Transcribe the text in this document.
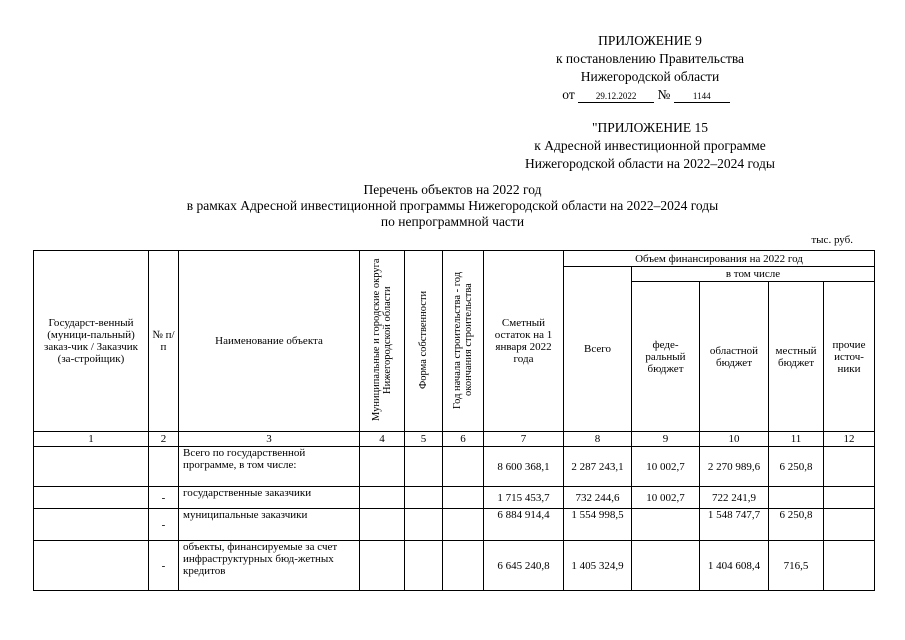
ПРИЛОЖЕНИЕ 9
к постановлению Правительства
Нижегородской области
от 29.12.2022 №	1144
"ПРИЛОЖЕНИЕ 15
к Адресной инвестиционной программе
Нижегородской области на 2022–2024 годы
Перечень объектов на 2022 год
в рамках Адресной инвестиционной программы Нижегородской области на 2022–2024 годы
по непрограммной части
тыс. руб.
Государст-венный (муници-пальный) заказ-чик / Заказчик (за-стройщик)	№ п/п	Наименование объекта	Муниципальные и городские округа Нижегородской области	Форма собственности	Год начала строительства - год окончания строительства	Сметный остаток на 1 января 2022 года	Объем финансирования на 2022 год				
							Всего	в том числе			
								феде-ральный бюджет	областной бюджет	местный бюджет	прочие источ-ники
1	2	3	4	5	6	7	8	9	10	11	12
		Всего по государственной программе, в том числе:				8 600 368,1	2 287 243,1	10 002,7	2 270 989,6	6 250,8	
	-	государственные заказчики				1 715 453,7	732 244,6	10 002,7	722 241,9		
	-	муниципальные заказчики				6 884 914,4	1 554 998,5		1 548 747,7	6 250,8	
	-	объекты, финансируемые за счет инфраструктурных бюд-жетных кредитов				6 645 240,8	1 405 324,9		1 404 608,4	716,5	
